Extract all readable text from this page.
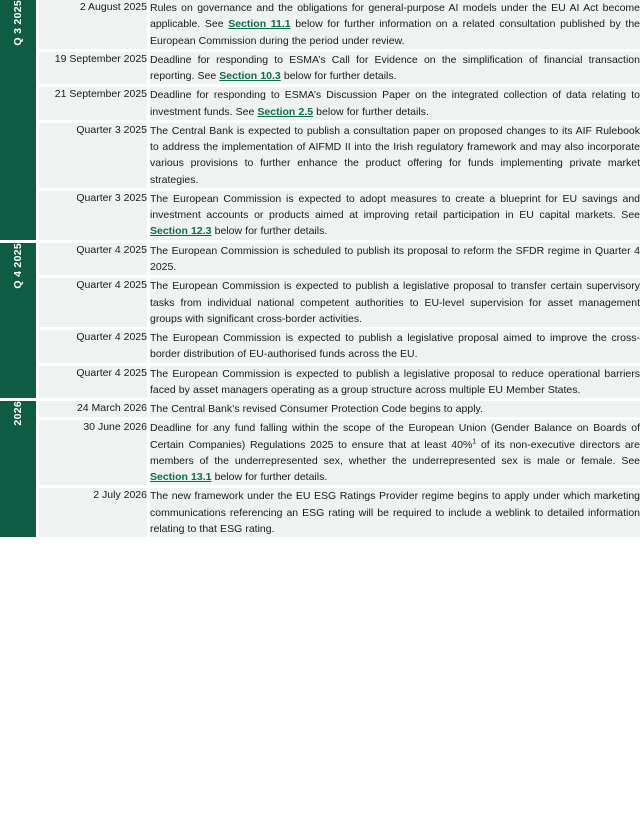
Q 3 2025	2 August 2025	Rules on governance and the obligations for general-purpose AI models under the EU AI Act become applicable. See Section 11.1 below for further information on a related consultation published by the European Commission during the period under review.
	19 September 2025	Deadline for responding to ESMA’s Call for Evidence on the simplification of financial transaction reporting. See Section 10.3 below for further details.
	21 September 2025	Deadline for responding to ESMA’s Discussion Paper on the integrated collection of data relating to investment funds. See Section 2.5 below for further details.
	Quarter 3 2025	The Central Bank is expected to publish a consultation paper on proposed changes to its AIF Rulebook to address the implementation of AIFMD II into the Irish regulatory framework and may also incorporate various provisions to further enhance the product offering for funds implementing private market strategies.
	Quarter 3 2025	The European Commission is expected to adopt measures to create a blueprint for EU savings and investment accounts or products aimed at improving retail participation in EU capital markets. See Section 12.3 below for further details.
Q 4 2025	Quarter 4 2025	The European Commission is scheduled to publish its proposal to reform the SFDR regime in Quarter 4 2025.
	Quarter 4 2025	The European Commission is expected to publish a legislative proposal to transfer certain supervisory tasks from individual national competent authorities to EU-level supervision for asset management groups with significant cross-border activities.
	Quarter 4 2025	The European Commission is expected to publish a legislative proposal aimed to improve the cross-border distribution of EU-authorised funds across the EU.
	Quarter 4 2025	The European Commission is expected to publish a legislative proposal to reduce operational barriers faced by asset managers operating as a group structure across multiple EU Member States.
2026	24 March 2026	The Central Bank’s revised Consumer Protection Code begins to apply.
	30 June 2026	Deadline for any fund falling within the scope of the European Union (Gender Balance on Boards of Certain Companies) Regulations 2025 to ensure that at least 40%$^1$ of its non-executive directors are members of the underrepresented sex, whether the underrepresented sex is male or female. See Section 13.1 below for further details.
	2 July 2026	The new framework under the EU ESG Ratings Provider regime begins to apply under which marketing communications referencing an ESG rating will be required to include a weblink to detailed information relating to that ESG rating.
